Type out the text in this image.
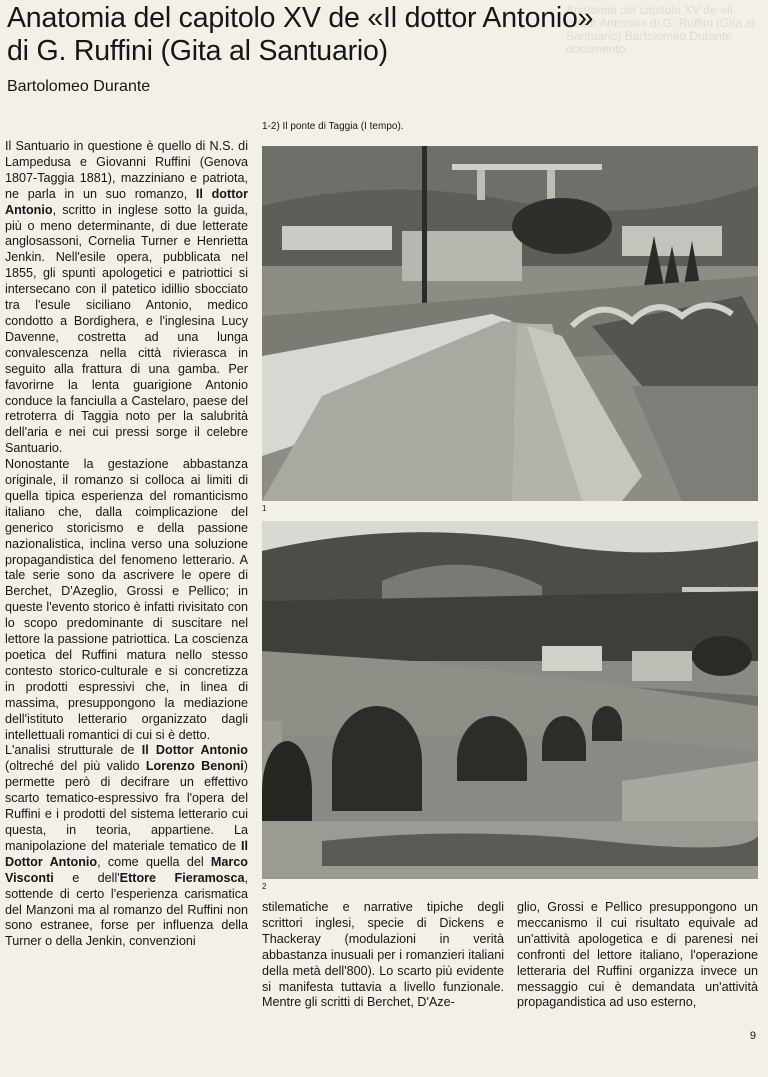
Anatomia del capitolo XV de «Il dottor Antonio» di G. Ruffini (Gita al Santuario) Bartolomeo Durante documento
Anatomia del capitolo XV de «Il dottor Antonio»
di G. Ruffini (Gita al Santuario)

Bartolomeo Durante

1-2) Il ponte di Taggia (I tempo).
1
2

Il Santuario in questione è quello di N.S. di Lampedusa e Giovanni Ruffini (Genova 1807-Taggia 1881), mazziniano e patriota, ne parla in un suo romanzo, Il dottor Antonio, scritto in inglese sotto la guida, più o meno determinante, di due letterate anglosassoni, Cornelia Turner e Henrietta Jenkin. Nell'esile opera, pubblicata nel 1855, gli spunti apologetici e patriottici si intersecano con il patetico idillio sbocciato tra l'esule siciliano Antonio, medico condotto a Bordighera, e l'inglesina Lucy Davenne, costretta ad una lunga convalescenza nella città rivierasca in seguito alla frattura di una gamba. Per favorirne la lenta guarigione Antonio conduce la fanciulla a Castelaro, paese del retroterra di Taggia noto per la salubrità dell'aria e nei cui pressi sorge il celebre Santuario.

Nonostante la gestazione abbastanza originale, il romanzo si colloca ai limiti di quella tipica esperienza del romanticismo italiano che, dalla coimplicazione del generico storicismo e della passione nazionalistica, inclina verso una soluzione propagandistica del fenomeno letterario. A tale serie sono da ascrivere le opere di Berchet, D'Azeglio, Grossi e Pellico; in queste l'evento storico è infatti rivisitato con lo scopo predominante di suscitare nel lettore la passione patriottica. La coscienza poetica del Ruffini matura nello stesso contesto storico-culturale e si concretizza in prodotti espressivi che, in linea di massima, presuppongono la mediazione dell'istituto letterario organizzato dagli intellettuali romantici di cui si è detto.

L'analisi strutturale de Il Dottor Antonio (oltreché del più valido Lorenzo Benoni) permette però di decifrare un effettivo scarto tematico-espressivo fra l'opera del Ruffini e i prodotti del sistema letterario cui questa, in teoria, appartiene. La manipolazione del materiale tematico de Il Dottor Antonio, come quella del Marco Visconti e dell'Ettore Fieramosca, sottende di certo l'esperienza carismatica del Manzoni ma al romanzo del Ruffini non sono estranee, forse per influenza della Turner o della Jenkin, convenzioni

stilematiche e narrative tipiche degli scrittori inglesi, specie di Dickens e Thackeray (modulazioni in verità abbastanza inusuali per i romanzieri italiani della metà dell'800). Lo scarto più evidente si manifesta tuttavia a livello funzionale. Mentre gli scritti di Berchet, D'Aze-

glio, Grossi e Pellico presuppongono un meccanismo il cui risultato equivale ad un'attività apologetica e di parenesi nei confronti del lettore italiano, l'operazione letteraria del Ruffini organizza invece un messaggio cui è demandata un'attività propagandistica ad uso esterno,

9
